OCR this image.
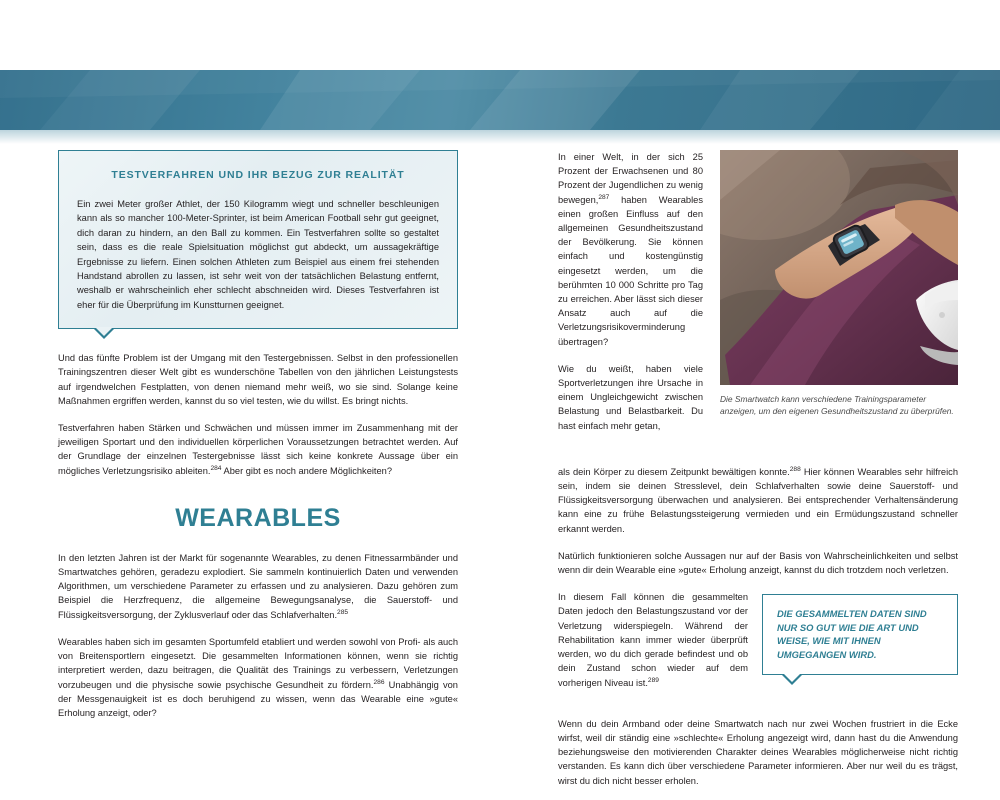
TESTVERFAHREN UND IHR BEZUG ZUR REALITÄT

Ein zwei Meter großer Athlet, der 150 Kilogramm wiegt und schneller beschleunigen kann als so mancher 100-Meter-Sprinter, ist beim American Football sehr gut geeignet, dich daran zu hindern, an den Ball zu kommen. Ein Testverfahren sollte so gestaltet sein, dass es die reale Spielsituation möglichst gut abdeckt, um aussagekräftige Ergebnisse zu liefern. Einen solchen Athleten zum Beispiel aus einem frei stehenden Handstand abrollen zu lassen, ist sehr weit von der tatsächlichen Belastung entfernt, weshalb er wahrscheinlich eher schlecht abschneiden wird. Dieses Testverfahren ist eher für die Überprüfung im Kunstturnen geeignet.

Und das fünfte Problem ist der Umgang mit den Testergebnissen. Selbst in den professionellen Trainingszentren dieser Welt gibt es wunderschöne Tabellen von den jährlichen Leistungstests auf irgendwelchen Festplatten, von denen niemand mehr weiß, wo sie sind. Solange keine Maßnahmen ergriffen werden, kannst du so viel testen, wie du willst. Es bringt nichts.

Testverfahren haben Stärken und Schwächen und müssen immer im Zusammenhang mit der jeweiligen Sportart und den individuellen körperlichen Voraussetzungen betrachtet werden. Auf der Grundlage der einzelnen Testergebnisse lässt sich keine konkrete Aussage über ein mögliches Verletzungsrisiko ableiten.$^{284}$ Aber gibt es noch andere Möglichkeiten?

WEARABLES

In den letzten Jahren ist der Markt für sogenannte Wearables, zu denen Fitnessarmbänder und Smartwatches gehören, geradezu explodiert. Sie sammeln kontinuierlich Daten und verwenden Algorithmen, um verschiedene Parameter zu erfassen und zu analysieren. Dazu gehören zum Beispiel die Herzfrequenz, die allgemeine Bewegungsanalyse, die Sauerstoff- und Flüssigkeitsversorgung, der Zyklusverlauf oder das Schlafverhalten.$^{285}$

Wearables haben sich im gesamten Sportumfeld etabliert und werden sowohl von Profi- als auch von Breitensportlern eingesetzt. Die gesammelten Informationen können, wenn sie richtig interpretiert werden, dazu beitragen, die Qualität des Trainings zu verbessern, Verletzungen vorzubeugen und die physische sowie psychische Gesundheit zu fördern.$^{286}$ Unabhängig von der Messgenauigkeit ist es doch beruhigend zu wissen, wenn das Wearable eine »gute« Erholung anzeigt, oder?

In einer Welt, in der sich 25 Prozent der Erwachsenen und 80 Prozent der Jugendlichen zu wenig bewegen,$^{287}$ haben Wearables einen großen Einfluss auf den allgemeinen Gesundheitszustand der Bevölkerung. Sie können einfach und kostengünstig eingesetzt werden, um die berühmten 10 000 Schritte pro Tag zu erreichen. Aber lässt sich dieser Ansatz auch auf die Verletzungsrisikoverminderung übertragen?

Wie du weißt, haben viele Sportverletzungen ihre Ursache in einem Ungleichgewicht zwischen Belastung und Belastbarkeit. Du hast einfach mehr getan,

Die Smartwatch kann verschiedene Trainingsparameter anzeigen, um den eigenen Gesundheitszustand zu überprüfen.

als dein Körper zu diesem Zeitpunkt bewältigen konnte.$^{288}$ Hier können Wearables sehr hilfreich sein, indem sie deinen Stresslevel, dein Schlafverhalten sowie deine Sauerstoff- und Flüssigkeitsversorgung überwachen und analysieren. Bei entsprechender Verhaltensänderung kann eine zu frühe Belastungssteigerung vermieden und ein Ermüdungszustand schneller erkannt werden.

Natürlich funktionieren solche Aussagen nur auf der Basis von Wahrscheinlichkeiten und selbst wenn dir dein Wearable eine »gute« Erholung anzeigt, kannst du dich trotzdem noch verletzen.

DIE GESAMMELTEN DATEN SIND NUR SO GUT WIE DIE ART UND WEISE, WIE MIT IHNEN UMGEGANGEN WIRD.

In diesem Fall können die gesammelten Daten jedoch den Belastungszustand vor der Verletzung widerspiegeln. Während der Rehabilitation kann immer wieder überprüft werden, wo du dich gerade befindest und ob dein Zustand schon wieder auf dem vorherigen Niveau ist.$^{289}$

Wenn du dein Armband oder deine Smartwatch nach nur zwei Wochen frustriert in die Ecke wirfst, weil dir ständig eine »schlechte« Erholung angezeigt wird, dann hast du die Anwendung beziehungsweise den motivierenden Charakter deines Wearables möglicherweise nicht richtig verstanden. Es kann dich über verschiedene Parameter informieren. Aber nur weil du es trägst, wirst du dich nicht besser erholen.
